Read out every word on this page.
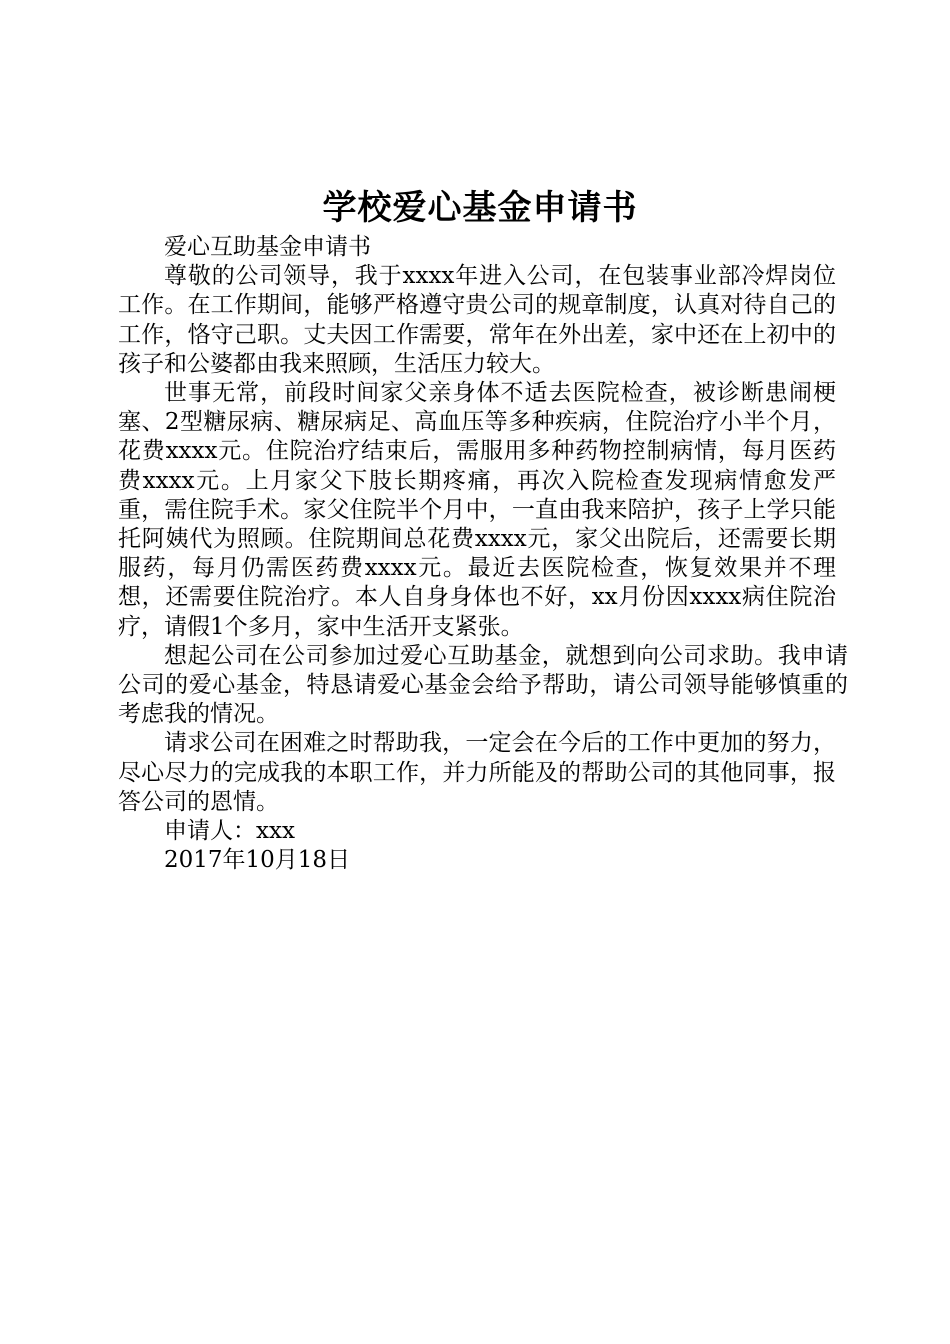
学校爱心基金申请书

爱心互助基金申请书

尊敬的公司领导，我于xxxx年进入公司，在包装事业部冷焊岗位工作。在工作期间，能够严格遵守贵公司的规章制度，认真对待自己的工作，恪守己职。丈夫因工作需要，常年在外出差，家中还在上初中的孩子和公婆都由我来照顾，生活压力较大。

世事无常，前段时间家父亲身体不适去医院检查，被诊断患闹梗塞、2型糖尿病、糖尿病足、高血压等多种疾病，住院治疗小半个月，花费xxxx元。住院治疗结束后，需服用多种药物控制病情，每月医药费xxxx元。上月家父下肢长期疼痛，再次入院检查发现病情愈发严重，需住院手术。家父住院半个月中，一直由我来陪护，孩子上学只能托阿姨代为照顾。住院期间总花费xxxx元，家父出院后，还需要长期服药，每月仍需医药费xxxx元。最近去医院检查，恢复效果并不理想，还需要住院治疗。本人自身身体也不好，xx月份因xxxx病住院治疗，请假1个多月，家中生活开支紧张。

想起公司在公司参加过爱心互助基金，就想到向公司求助。我申请公司的爱心基金，特恳请爱心基金会给予帮助，请公司领导能够慎重的考虑我的情况。

请求公司在困难之时帮助我，一定会在今后的工作中更加的努力，尽心尽力的完成我的本职工作，并力所能及的帮助公司的其他同事，报答公司的恩情。

申请人：xxx

2017年10月18日
